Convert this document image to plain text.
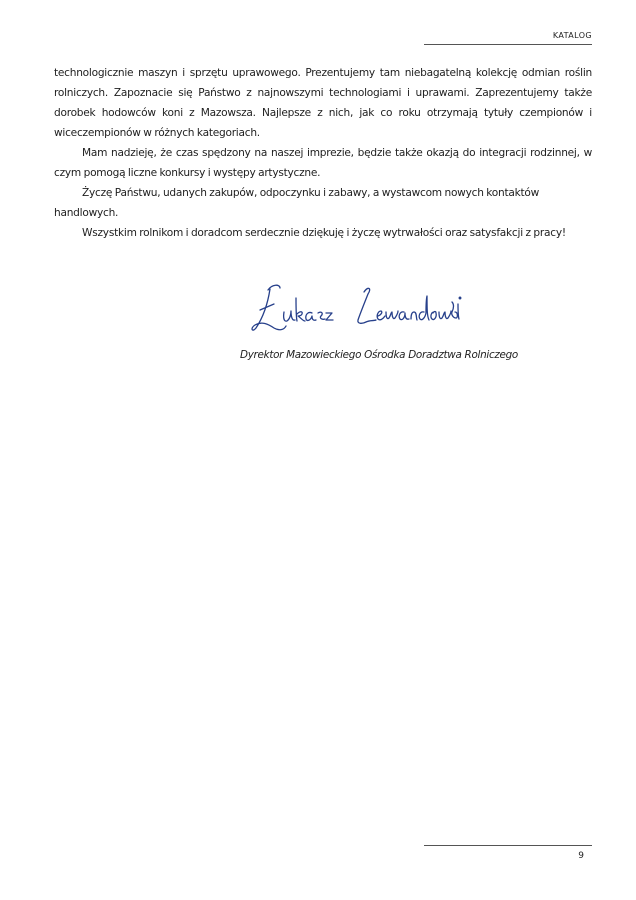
KATALOG

technologicznie maszyn i sprzętu uprawowego. Prezentujemy tam niebagatelną kolekcję odmian roślin rolniczych. Zapoznacie się Państwo z najnowszymi technologiami i uprawami. Zaprezentujemy także dorobek hodowców koni z Mazowsza. Najlepsze z nich, jak co roku otrzymają tytuły czempionów i wiceczempionów w różnych kategoriach.

Mam nadzieję, że czas spędzony na naszej imprezie, będzie także okazją do integracji rodzinnej, w czym pomogą liczne konkursy i występy artystyczne.

Życzę Państwu, udanych zakupów, odpoczynku i zabawy, a wystawcom nowych kontaktów handlowych.

Wszystkim rolnikom i doradcom serdecznie dziękuję i życzę wytrwałości oraz satysfakcji z pracy!

Dyrektor Mazowieckiego Ośrodka Doradztwa Rolniczego
9
